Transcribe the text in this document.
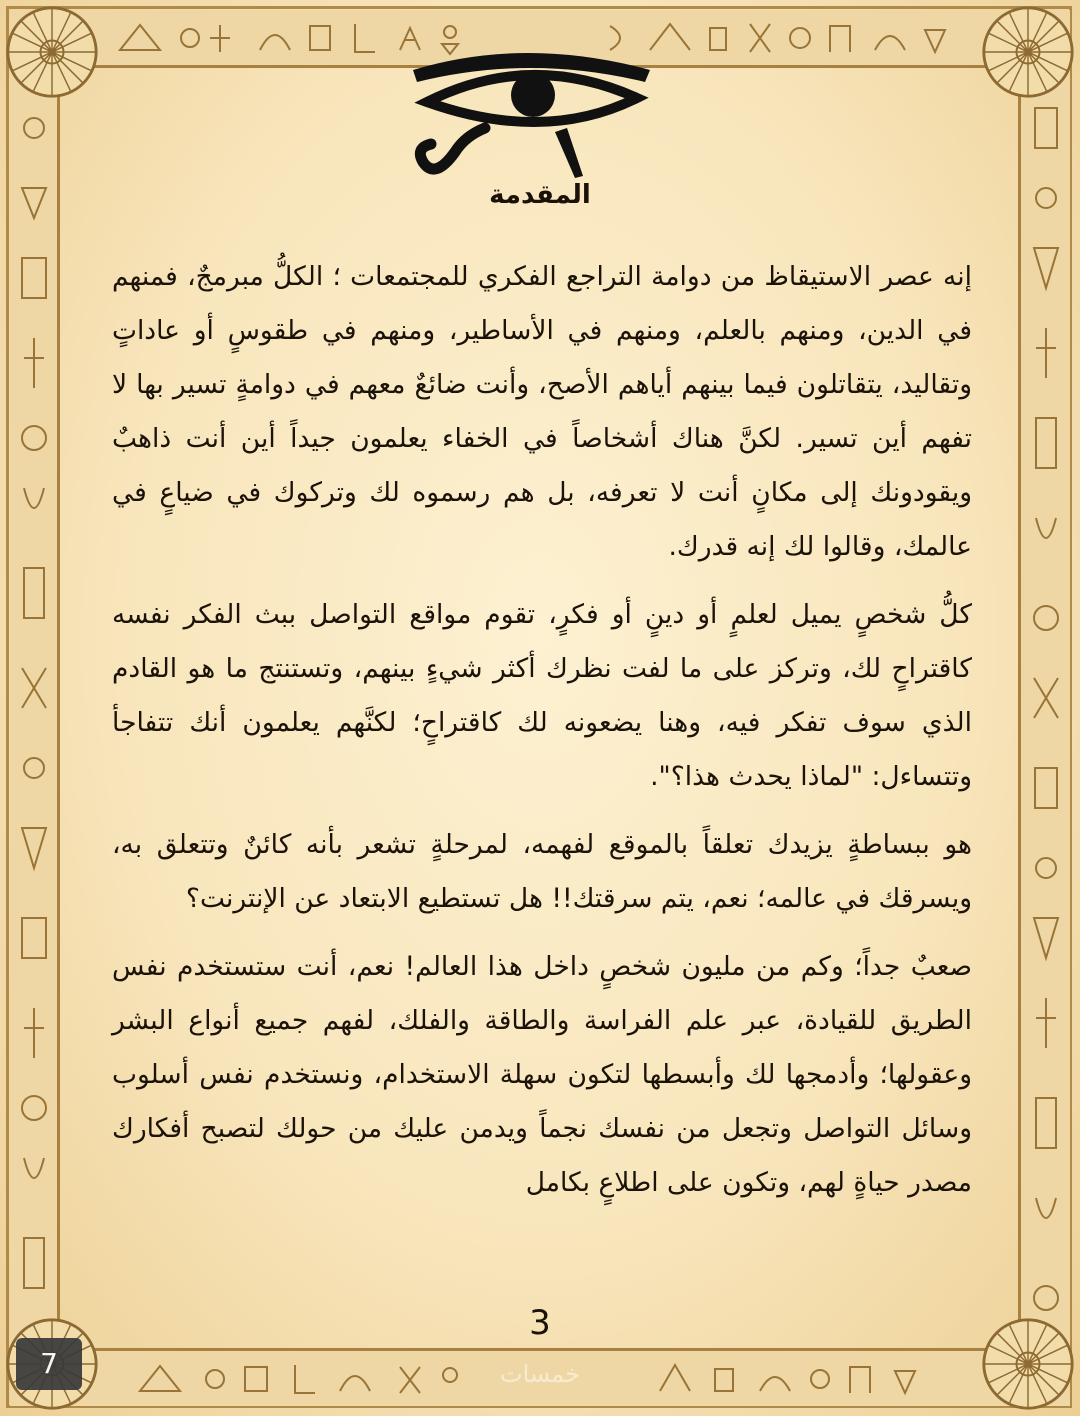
المقدمة

إنه عصر الاستيقاظ من دوامة التراجع الفكري للمجتمعات ؛ الكلُّ مبرمجٌ، فمنهم في الدين، ومنهم بالعلم، ومنهم في الأساطير، ومنهم في طقوسٍ أو عاداتٍ وتقاليد، يتقاتلون فيما بينهم أياهم الأصح، وأنت ضائعٌ معهم في دوامةٍ تسير بها لا تفهم أين تسير. لكنَّ هناك أشخاصاً في الخفاء يعلمون جيداً أين أنت ذاهبٌ ويقودونك إلى مكانٍ أنت لا تعرفه، بل هم رسموه لك وتركوك في ضياعٍ في عالمك، وقالوا لك إنه قدرك.

كلُّ شخصٍ يميل لعلمٍ أو دينٍ أو فكرٍ، تقوم مواقع التواصل ببث الفكر نفسه كاقتراحٍ لك، وتركز على ما لفت نظرك أكثر شيءٍ بينهم، وتستنتج ما هو القادم الذي سوف تفكر فيه، وهنا يضعونه لك كاقتراحٍ؛ لكنَّهم يعلمون أنك تتفاجأ وتتساءل: "لماذا يحدث هذا؟".

هو ببساطةٍ يزيدك تعلقاً بالموقع لفهمه، لمرحلةٍ تشعر بأنه كائنٌ وتتعلق به، ويسرقك في عالمه؛ نعم، يتم سرقتك!! هل تستطيع الابتعاد عن الإنترنت؟

صعبٌ جداً؛ وكم من مليون شخصٍ داخل هذا العالم! نعم، أنت ستستخدم نفس الطريق للقيادة، عبر علم الفراسة والطاقة والفلك، لفهم جميع أنواع البشر وعقولها؛ وأدمجها لك وأبسطها لتكون سهلة الاستخدام، ونستخدم نفس أسلوب وسائل التواصل وتجعل من نفسك نجماً ويدمن عليك من حولك لتصبح أفكارك مصدر حياةٍ لهم، وتكون على اطلاعٍ بكامل

3
7	خمسات
